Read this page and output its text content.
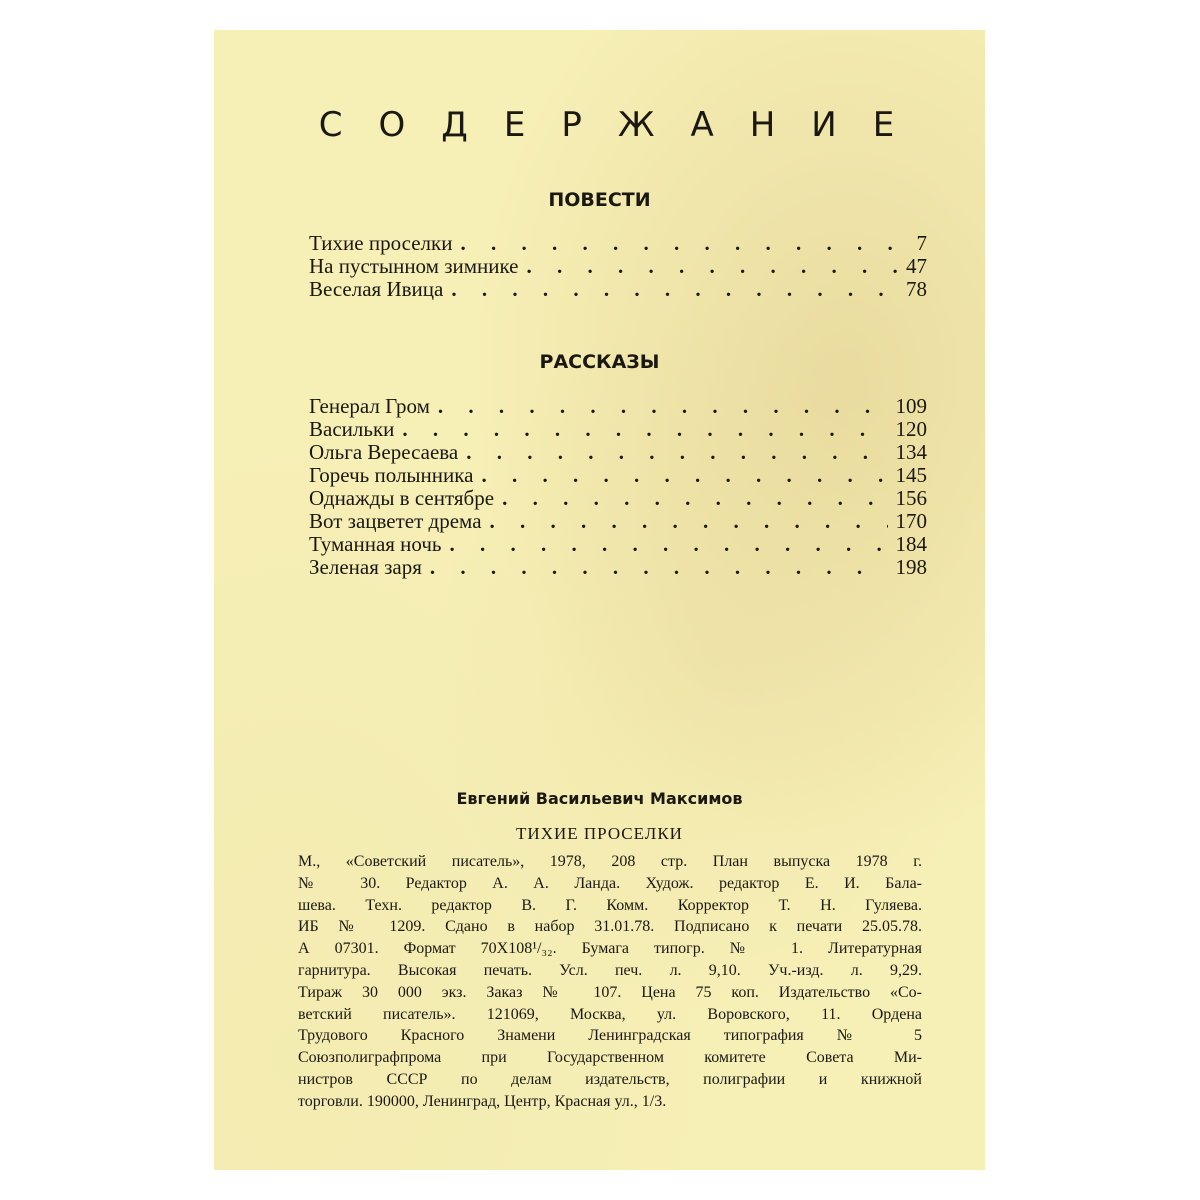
СОДЕРЖАНИЕ
ПОВЕСТИ
Тихие проселки . . .	7
На пустынном зимнике . . .	47
Веселая Ивица . . .	78
РАССКАЗЫ
Генерал Гром . . .	109
Васильки . . .	120
Ольга Вересаева . . .	134
Горечь полынника . . .	145
Однажды в сентябре . . .	156
Вот зацветет дрема . . .	170
Туманная ночь . . .	184
Зеленая заря . . .	198
Евгений Васильевич Максимов
ТИХИЕ ПРОСЕЛКИ
М., «Советский писатель», 1978, 208 стр. План выпуска 1978 г.
№ 30. Редактор А. А. Ланда. Худож. редактор Е. И. Бала-
шева. Техн. редактор В. Г. Комм. Корректор Т. Н. Гуляева.
ИБ № 1209. Сдано в набор 31.01.78. Подписано к печати 25.05.78.
А 07301. Формат 70Х108¹/₃₂. Бумага типогр. № 1. Литературная
гарнитура. Высокая печать. Усл. печ. л. 9,10. Уч.-изд. л. 9,29.
Тираж 30 000 экз. Заказ № 107. Цена 75 коп. Издательство «Со-
ветский писатель». 121069, Москва, ул. Воровского, 11. Ордена
Трудового Красного Знамени Ленинградская типография № 5
Союзполиграфпрома при Государственном комитете Совета Ми-
нистров СССР по делам издательств, полиграфии и книжной
торговли. 190000, Ленинград, Центр, Красная ул., 1/3.
